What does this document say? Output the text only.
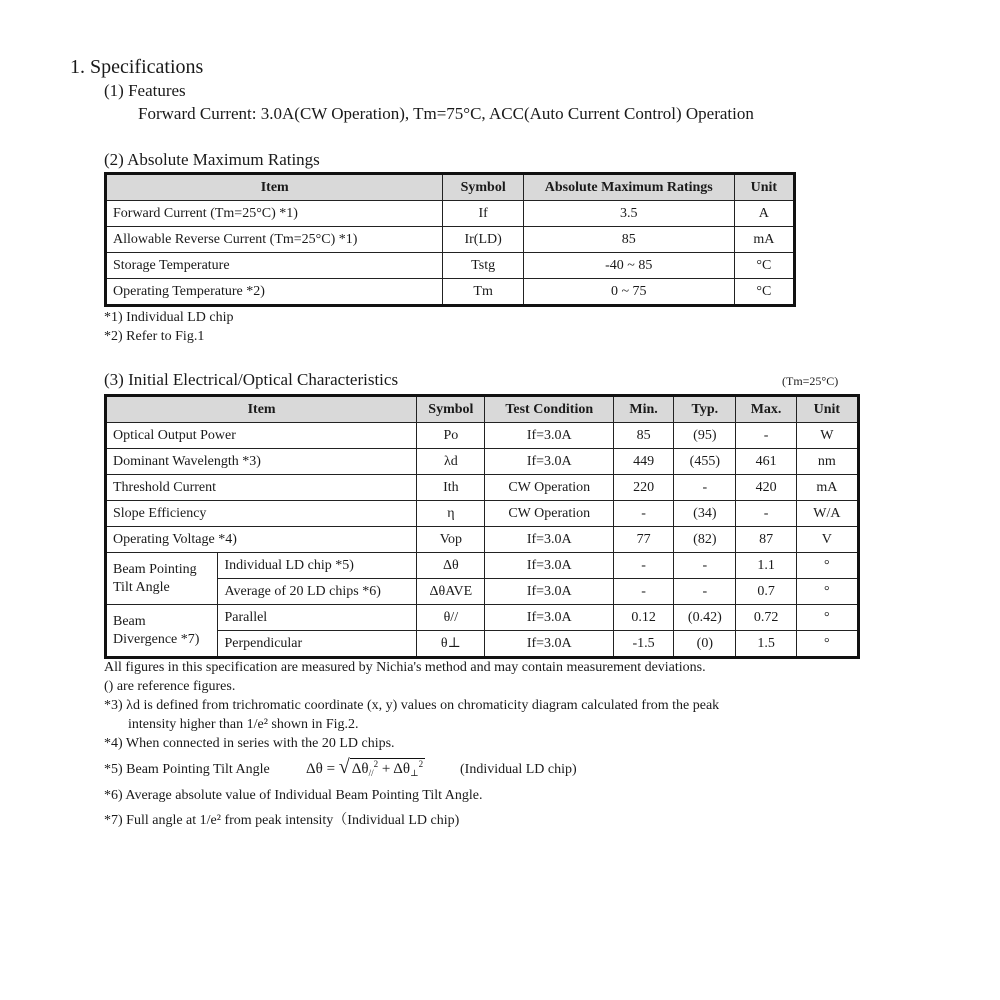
1. Specifications
(1) Features
Forward Current: 3.0A(CW Operation), Tm=75°C, ACC(Auto Current Control) Operation
(2) Absolute Maximum Ratings
Item	Symbol	Absolute Maximum Ratings	Unit
Forward Current (Tm=25°C) *1)	If	3.5	A
Allowable Reverse Current (Tm=25°C) *1)	Ir(LD)	85	mA
Storage Temperature	Tstg	-40 ~ 85	°C
Operating Temperature *2)	Tm	0 ~ 75	°C
*1) Individual LD chip
*2) Refer to Fig.1
(3) Initial Electrical/Optical Characteristics	(Tm=25°C)
Item		Symbol	Test Condition	Min.	Typ.	Max.	Unit
Optical Output Power		Po	If=3.0A	85	(95)	-	W
Dominant Wavelength *3)		λd	If=3.0A	449	(455)	461	nm
Threshold Current		Ith	CW Operation	220	-	420	mA
Slope Efficiency		η	CW Operation	-	(34)	-	W/A
Operating Voltage *4)		Vop	If=3.0A	77	(82)	87	V
Beam Pointing Tilt Angle	Individual LD chip *5)	Δθ	If=3.0A	-	-	1.1	°
	Average of 20 LD chips *6)	ΔθAVE	If=3.0A	-	-	0.7	°
Beam Divergence *7)	Parallel	θ//	If=3.0A	0.12	(0.42)	0.72	°
	Perpendicular	θ⊥	If=3.0A	-1.5	(0)	1.5	°
All figures in this specification are measured by Nichia's method and may contain measurement deviations.
() are reference figures.
*3) λd is defined from trichromatic coordinate (x, y) values on chromaticity diagram calculated from the peak
intensity higher than 1/e² shown in Fig.2.
*4) When connected in series with the 20 LD chips.
*5) Beam Pointing Tilt Angle Δθ = √ $\Delta\theta_{//}^2 + \Delta\theta_\perp^2$	(Individual LD chip)
*6) Average absolute value of Individual Beam Pointing Tilt Angle.
*7) Full angle at 1/e² from peak intensity（Individual LD chip)
